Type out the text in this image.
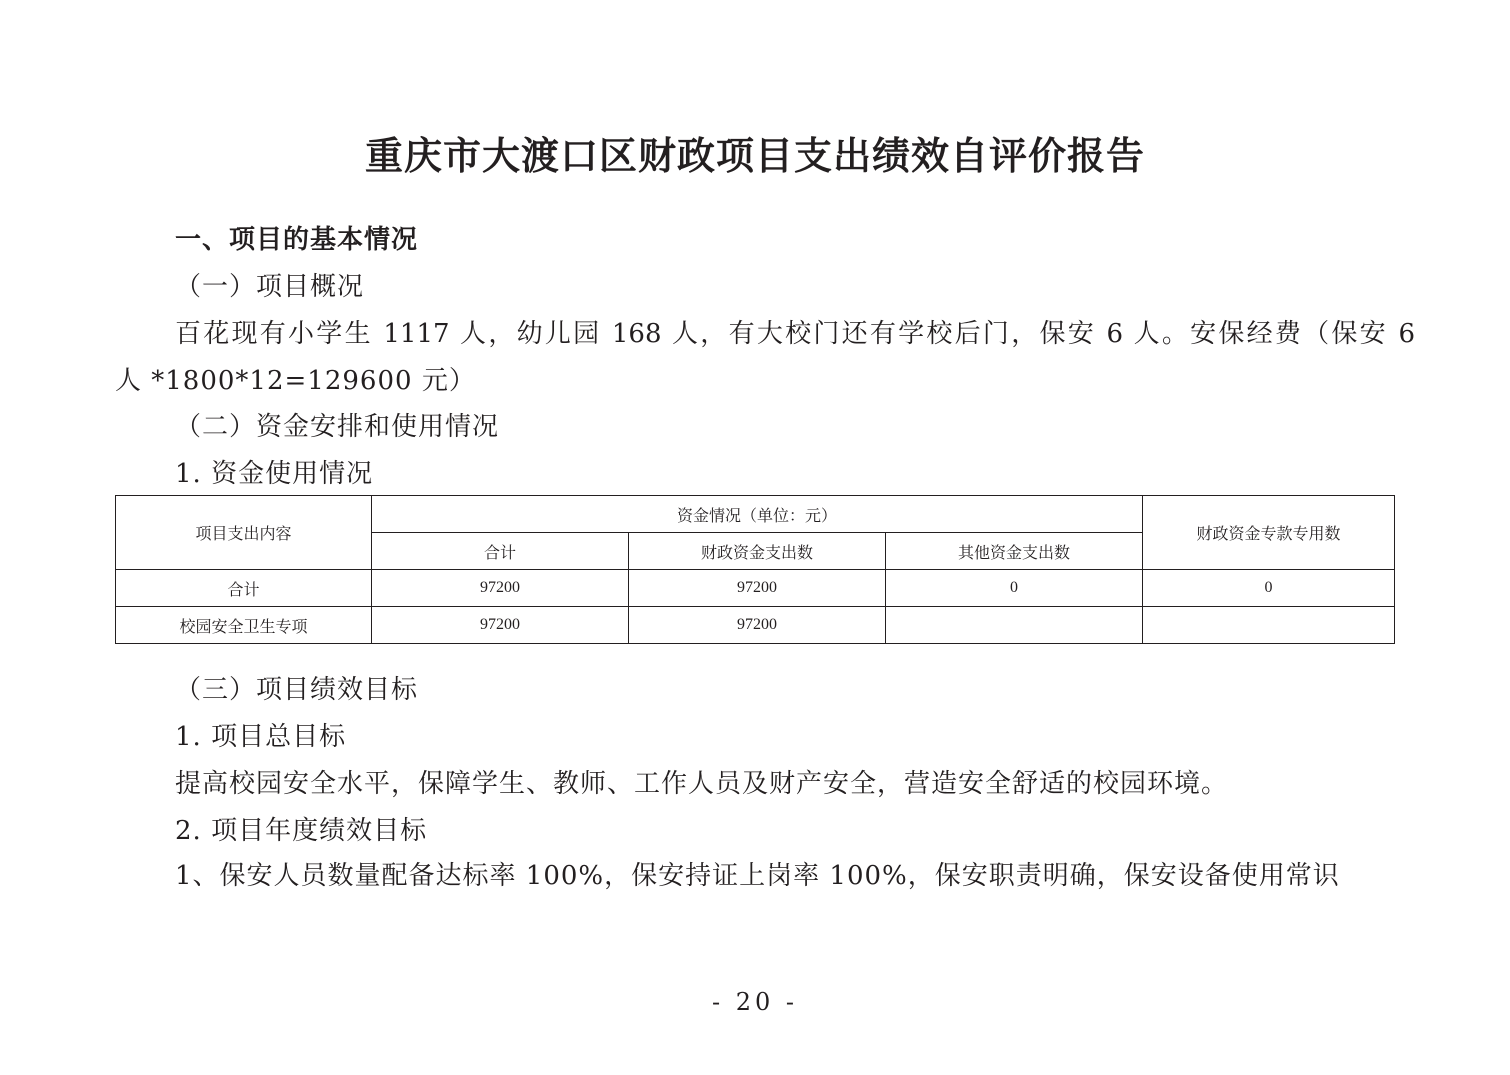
重庆市大渡口区财政项目支出绩效自评价报告
一、项目的基本情况
（一）项目概况
百花现有小学生 1117 人，幼儿园 168 人，有大校门还有学校后门，保安 6 人。安保经费（保安 6
人 *1800*12=129600 元）
（二）资金安排和使用情况
1. 资金使用情况
项目支出内容	资金情况（单位：元）			财政资金专款专用数
	合计	财政资金支出数	其他资金支出数	
合计	97200	97200	0	0
校园安全卫生专项	97200	97200		
（三）项目绩效目标
1. 项目总目标
提高校园安全水平，保障学生、教师、工作人员及财产安全，营造安全舒适的校园环境。
2. 项目年度绩效目标
1、保安人员数量配备达标率 100%，保安持证上岗率 100%，保安职责明确，保安设备使用常识
- 20 -
